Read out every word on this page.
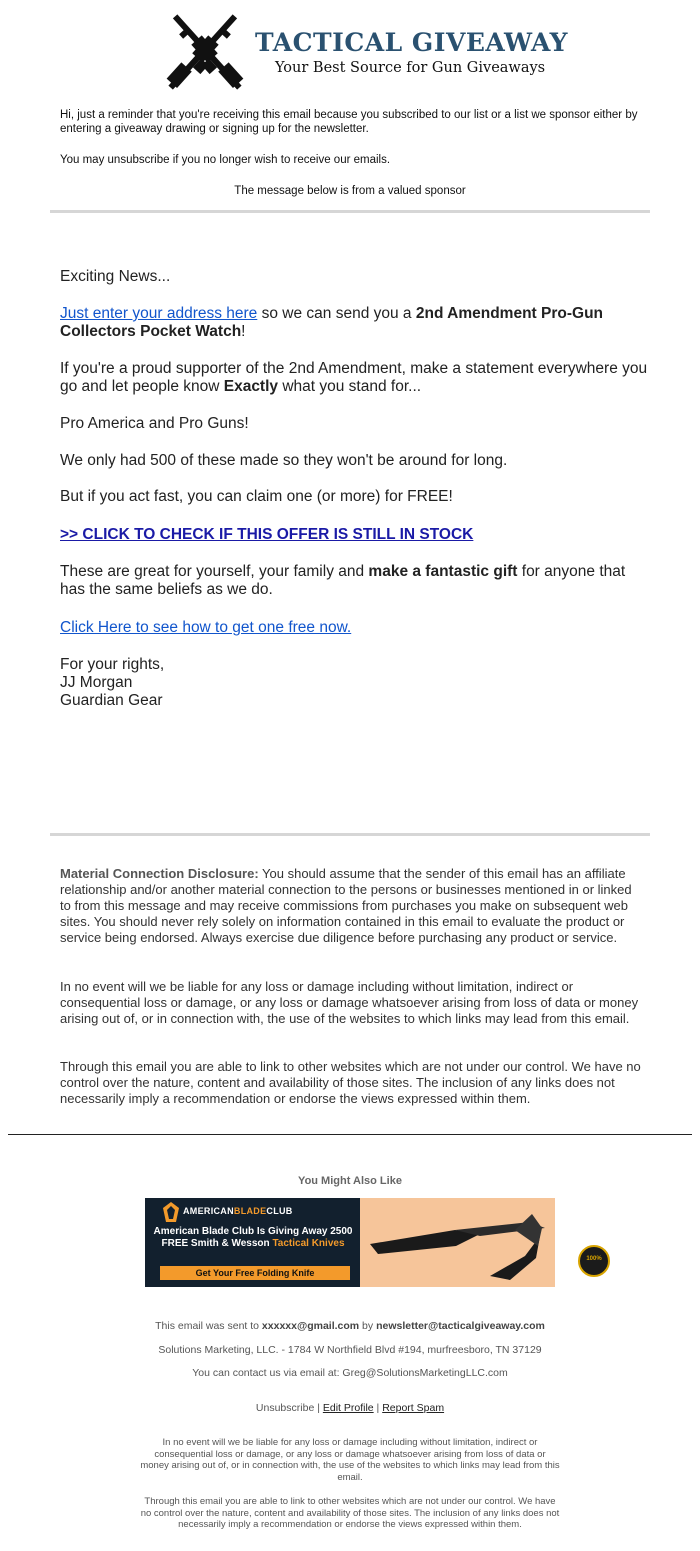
TACTICAL GIVEAWAY
Your Best Source for Gun Giveaways
Hi, just a reminder that you're receiving this email because you subscribed to our list or a list we sponsor either by entering a giveaway drawing or signing up for the newsletter.
You may unsubscribe if you no longer wish to receive our emails.
The message below is from a valued sponsor
Exciting News...
Just enter your address here so we can send you a 2nd Amendment Pro-Gun Collectors Pocket Watch!
If you're a proud supporter of the 2nd Amendment, make a statement everywhere you go and let people know Exactly what you stand for...
Pro America and Pro Guns!
We only had 500 of these made so they won't be around for long.
But if you act fast, you can claim one (or more) for FREE!
>> CLICK TO CHECK IF THIS OFFER IS STILL IN STOCK
These are great for yourself, your family and make a fantastic gift for anyone that has the same beliefs as we do.
Click Here to see how to get one free now.
For your rights,
JJ Morgan
Guardian Gear
Material Connection Disclosure: You should assume that the sender of this email has an affiliate relationship and/or another material connection to the persons or businesses mentioned in or linked to from this message and may receive commissions from purchases you make on subsequent web sites. You should never rely solely on information contained in this email to evaluate the product or service being endorsed. Always exercise due diligence before purchasing any product or service.
In no event will we be liable for any loss or damage including without limitation, indirect or consequential loss or damage, or any loss or damage whatsoever arising from loss of data or money arising out of, or in connection with, the use of the websites to which links may lead from this email.
Through this email you are able to link to other websites which are not under our control. We have no control over the nature, content and availability of those sites. The inclusion of any links does not necessarily imply a recommendation or endorse the views expressed within them.
You Might Also Like
AMERICANBLADECLUB
American Blade Club Is Giving Away 2500 FREE Smith & Wesson Tactical Knives
Get Your Free Folding Knife
100%
This email was sent to xxxxxx@gmail.com by newsletter@tacticalgiveaway.com
Solutions Marketing, LLC. - 1784 W Northfield Blvd #194, murfreesboro, TN 37129
You can contact us via email at: Greg@SolutionsMarketingLLC.com
Unsubscribe | Edit Profile | Report Spam
In no event will we be liable for any loss or damage including without limitation, indirect or consequential loss or damage, or any loss or damage whatsoever arising from loss of data or money arising out of, or in connection with, the use of the websites to which links may lead from this email.
Through this email you are able to link to other websites which are not under our control. We have no control over the nature, content and availability of those sites. The inclusion of any links does not necessarily imply a recommendation or endorse the views expressed within them.
